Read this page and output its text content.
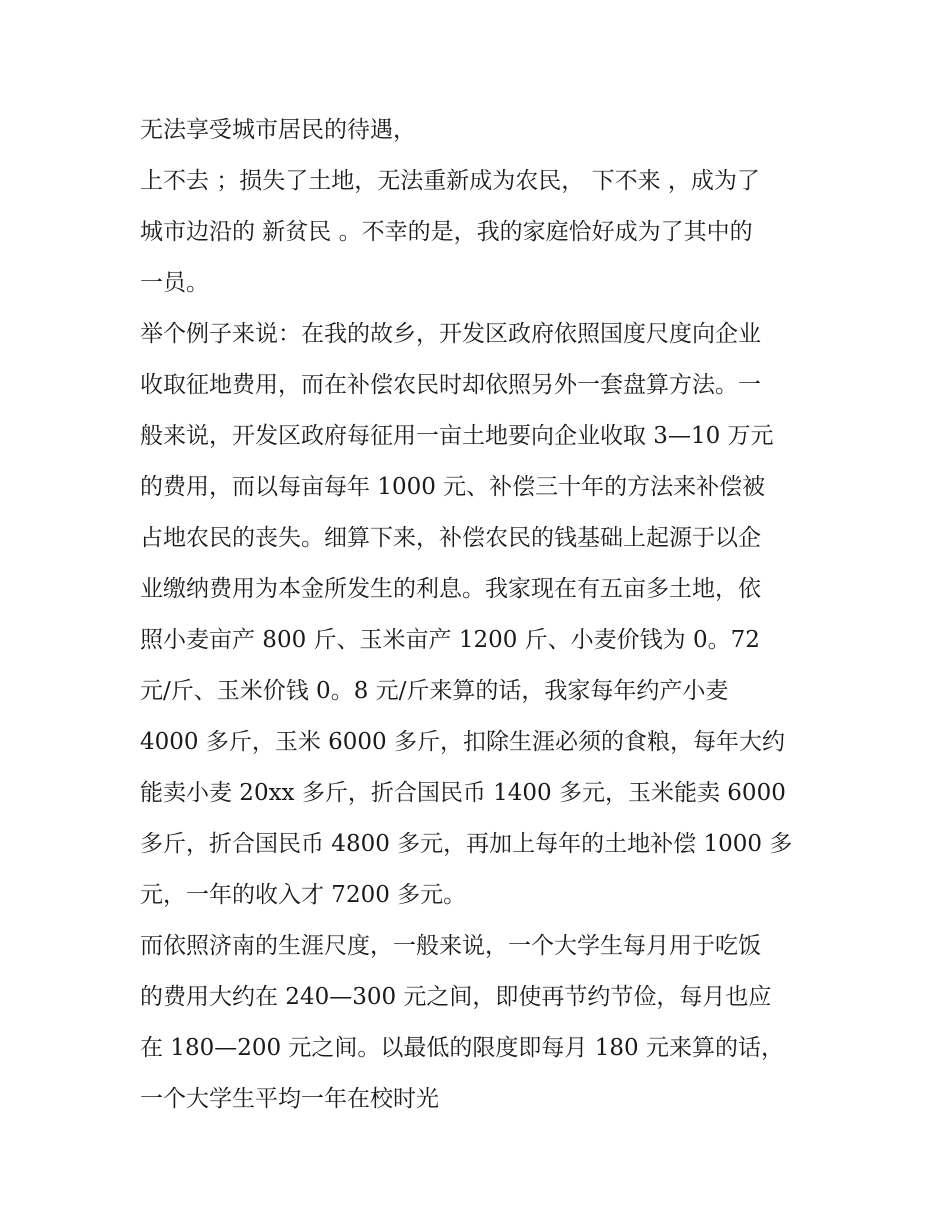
无法享受城市居民的待遇，
上不去 ；损失了土地，无法重新成为农民， 下不来 ，成为了
城市边沿的 新贫民 。不幸的是，我的家庭恰好成为了其中的
一员。
举个例子来说：在我的故乡，开发区政府依照国度尺度向企业
收取征地费用，而在补偿农民时却依照另外一套盘算方法。一
般来说，开发区政府每征用一亩土地要向企业收取 3—10 万元
的费用，而以每亩每年 1000 元、补偿三十年的方法来补偿被
占地农民的丧失。细算下来，补偿农民的钱基础上起源于以企
业缴纳费用为本金所发生的利息。我家现在有五亩多土地，依
照小麦亩产 800 斤、玉米亩产 1200 斤、小麦价钱为 0。72
元/斤、玉米价钱 0。8 元/斤来算的话，我家每年约产小麦
4000 多斤，玉米 6000 多斤，扣除生涯必须的食粮，每年大约
能卖小麦 20xx 多斤，折合国民币 1400 多元，玉米能卖 6000
多斤，折合国民币 4800 多元，再加上每年的土地补偿 1000 多
元，一年的收入才 7200 多元。
而依照济南的生涯尺度，一般来说，一个大学生每月用于吃饭
的费用大约在 240—300 元之间，即使再节约节俭，每月也应
在 180—200 元之间。以最低的限度即每月 180 元来算的话，
一个大学生平均一年在校时光
